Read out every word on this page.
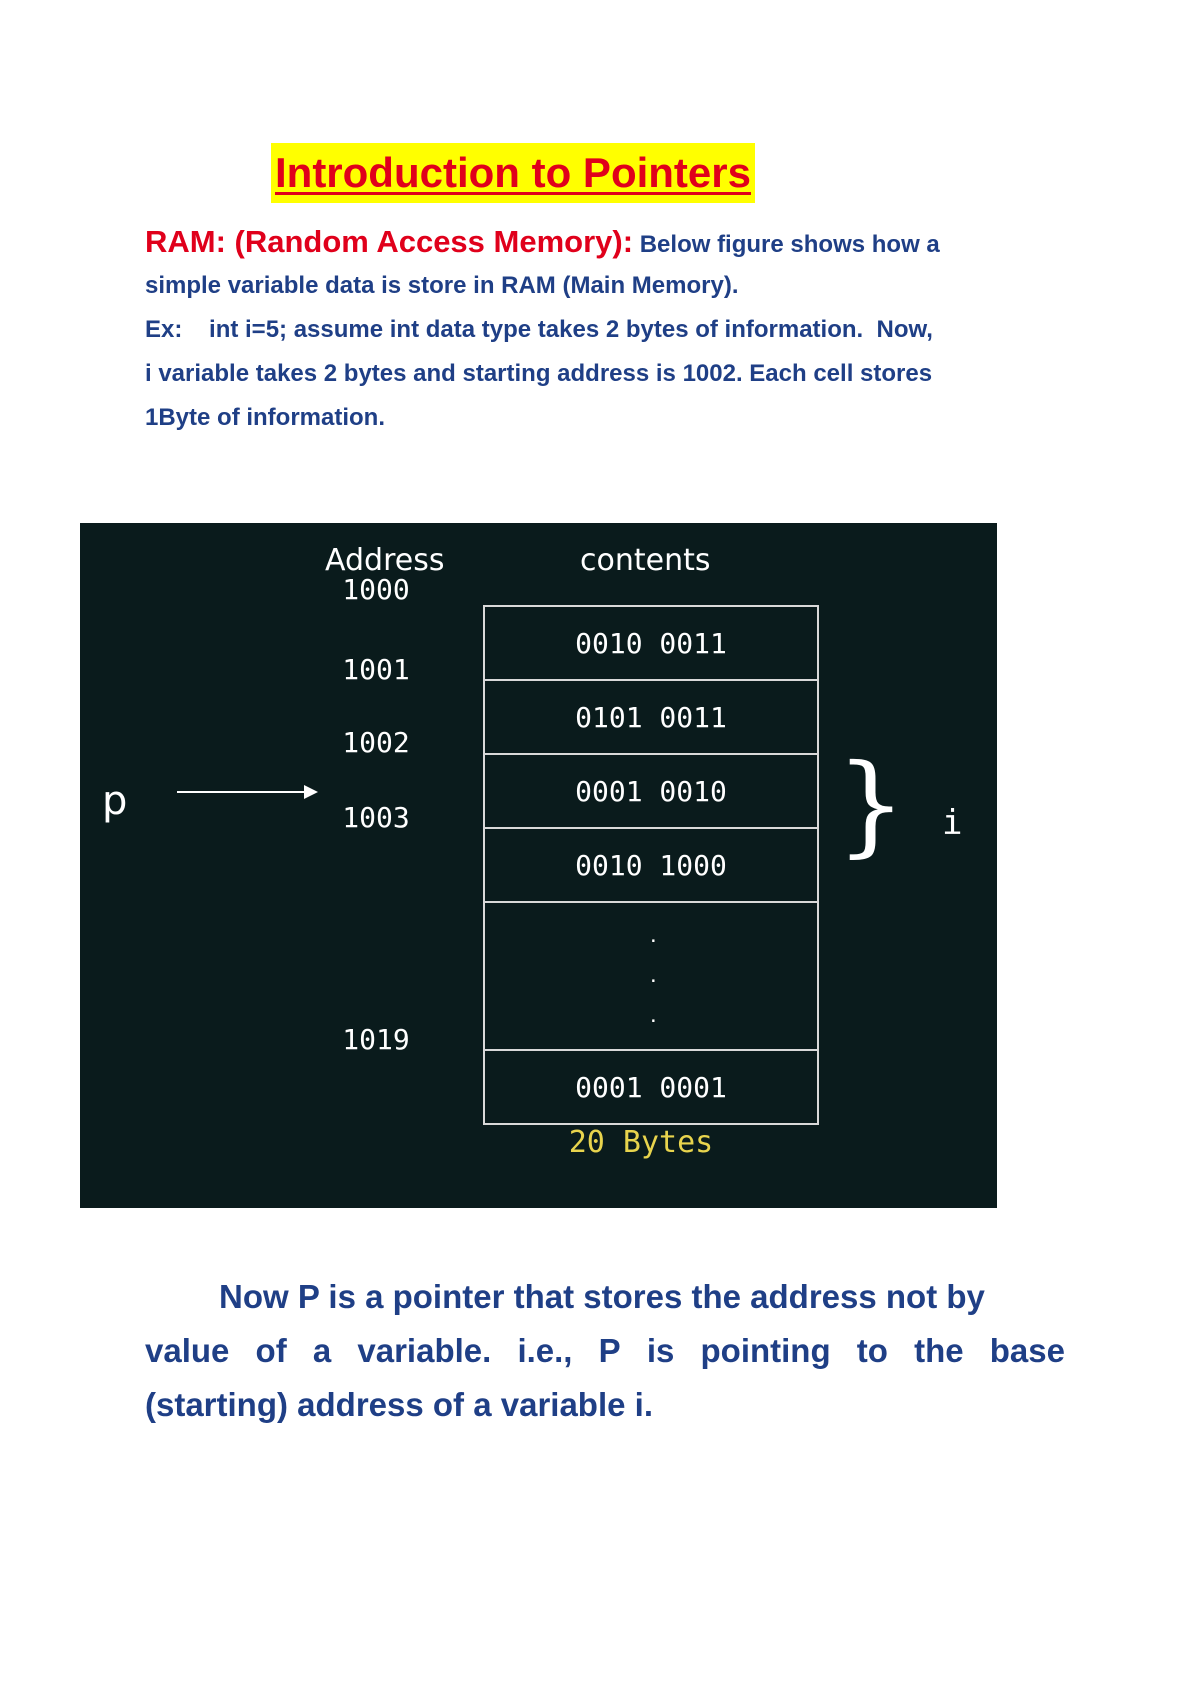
Introduction to Pointers
RAM: (Random Access Memory): Below figure shows how a
simple variable data is store in RAM (Main Memory).
Ex:    int i=5; assume int data type takes 2 bytes of information.  Now,
i variable takes 2 bytes and starting address is 1002. Each cell stores
1Byte of information.
Address	contents
1000
0010 0011
1001
0101 0011
1002
0001 0010
1003
0010 1000
.
.
.
1019
0001 0001
p	} i
20 Bytes
Now P is a pointer that stores the address not by
value of a variable. i.e., P is pointing to the base
(starting) address of a variable i.
